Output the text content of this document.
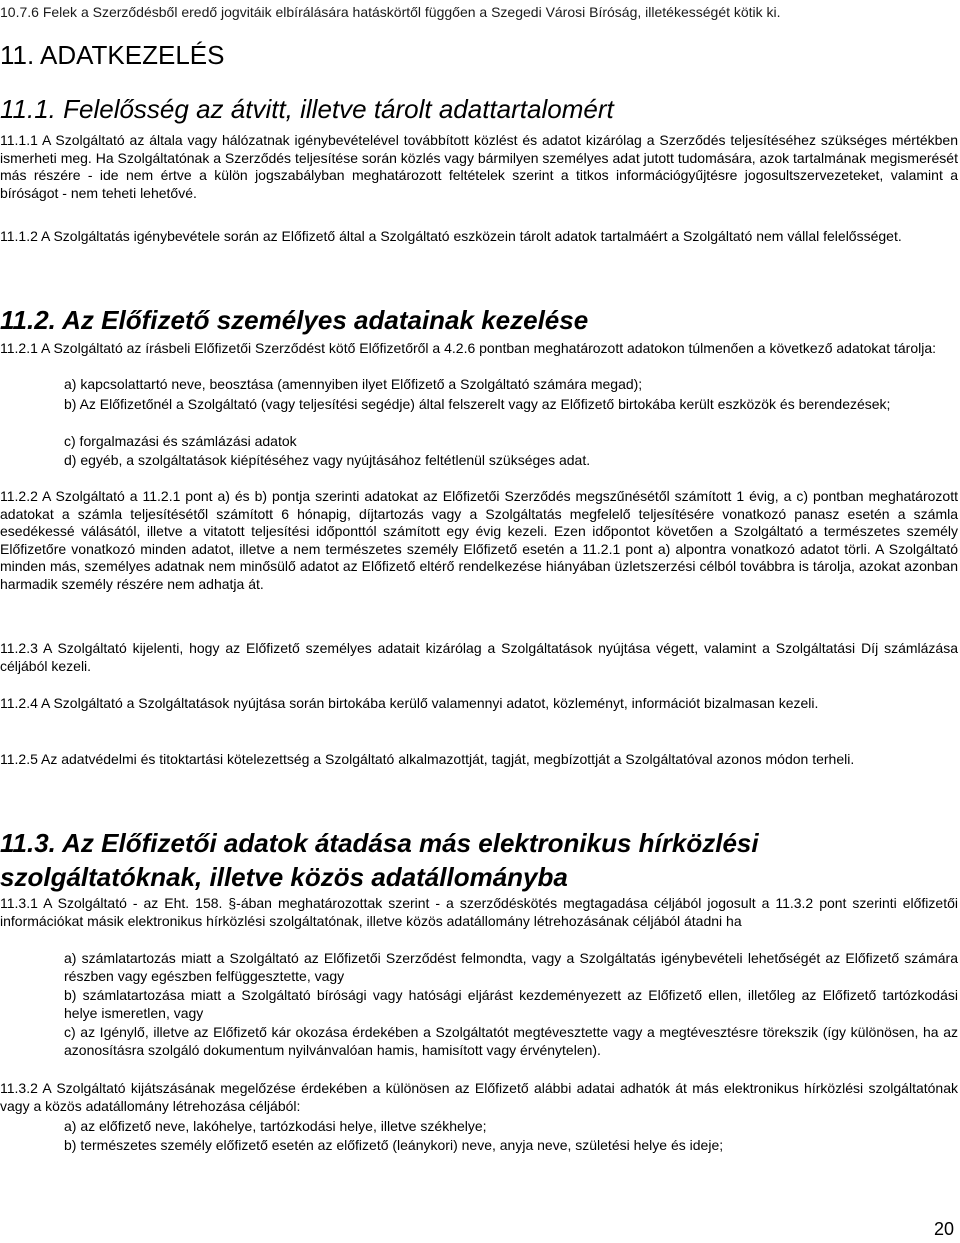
10.7.6 Felek a Szerződésből eredő jogvitáik elbírálására hatáskörtől függően a Szegedi Városi Bíróság, illetékességét kötik ki.
11. ADATKEZELÉS
11.1. Felelősség az átvitt, illetve tárolt adattartalomért
11.1.1 A Szolgáltató az általa vagy hálózatnak igénybevételével továbbított közlést és adatot kizárólag a Szerződés teljesítéséhez szükséges mértékben ismerheti meg. Ha Szolgáltatónak a Szerződés teljesítése során közlés vagy bármilyen személyes adat jutott tudomására, azok tartalmának megismerését más részére - ide nem értve a külön jogszabályban meghatározott feltételek szerint a titkos információgyűjtésre jogosultszervezeteket, valamint a bíróságot - nem teheti lehetővé.
11.1.2 A Szolgáltatás igénybevétele során az Előfizető által a Szolgáltató eszközein tárolt adatok tartalmáért a Szolgáltató nem vállal felelősséget.
11.2. Az Előfizető személyes adatainak kezelése
11.2.1 A Szolgáltató az írásbeli Előfizetői Szerződést kötő Előfizetőről a 4.2.6 pontban meghatározott adatokon túlmenően a következő adatokat tárolja:
a) kapcsolattartó neve, beosztása (amennyiben ilyet Előfizető a Szolgáltató számára megad);
b) Az Előfizetőnél a Szolgáltató (vagy teljesítési segédje) által felszerelt vagy az Előfizető birtokába került eszközök és berendezések;
c) forgalmazási és számlázási adatok
d) egyéb, a szolgáltatások kiépítéséhez vagy nyújtásához feltétlenül szükséges adat.
11.2.2 A Szolgáltató a 11.2.1 pont a) és b) pontja szerinti adatokat az Előfizetői Szerződés megszűnésétől számított 1 évig, a c) pontban meghatározott adatokat a számla teljesítésétől számított 6 hónapig, díjtartozás vagy a Szolgáltatás megfelelő teljesítésére vonatkozó panasz esetén a számla esedékessé válásától, illetve a vitatott teljesítési időponttól számított egy évig kezeli. Ezen időpontot követően a Szolgáltató a természetes személy Előfizetőre vonatkozó minden adatot, illetve a nem természetes személy Előfizető esetén a 11.2.1 pont a) alpontra vonatkozó adatot törli. A Szolgáltató minden más, személyes adatnak nem minősülő adatot az Előfizető eltérő rendelkezése hiányában üzletszerzési célból továbbra is tárolja, azokat azonban harmadik személy részére nem adhatja át.
11.2.3 A Szolgáltató kijelenti, hogy az Előfizető személyes adatait kizárólag a Szolgáltatások nyújtása végett, valamint a Szolgáltatási Díj számlázása céljából kezeli.
11.2.4 A Szolgáltató a Szolgáltatások nyújtása során birtokába kerülő valamennyi adatot, közleményt, információt bizalmasan kezeli.
11.2.5 Az adatvédelmi és titoktartási kötelezettség a Szolgáltató alkalmazottját, tagját, megbízottját a Szolgáltatóval azonos módon terheli.
11.3. Az Előfizetői adatok átadása más elektronikus hírközlési szolgáltatóknak, illetve közös adatállományba
11.3.1 A Szolgáltató - az Eht. 158. §-ában meghatározottak szerint - a szerződéskötés megtagadása céljából jogosult a 11.3.2 pont szerinti előfizetői információkat másik elektronikus hírközlési szolgáltatónak, illetve közös adatállomány létrehozásának céljából átadni ha
a) számlatartozás miatt a Szolgáltató az Előfizetői Szerződést felmondta, vagy a Szolgáltatás igénybevételi lehetőségét az Előfizető számára részben vagy egészben felfüggesztette, vagy
b) számlatartozása miatt a Szolgáltató bírósági vagy hatósági eljárást kezdeményezett az Előfizető ellen, illetőleg az Előfizető tartózkodási helye ismeretlen, vagy
c) az Igénylő, illetve az Előfizető kár okozása érdekében a Szolgáltatót megtévesztette vagy a megtévesztésre törekszik (így különösen, ha az azonosításra szolgáló dokumentum nyilvánvalóan hamis, hamisított vagy érvénytelen).
11.3.2 A Szolgáltató kijátszásának megelőzése érdekében a különösen az Előfizető alábbi adatai adhatók át más elektronikus hírközlési szolgáltatónak vagy a közös adatállomány létrehozása céljából:
a) az előfizető neve, lakóhelye, tartózkodási helye, illetve székhelye;
b) természetes személy előfizető esetén az előfizető (leánykori) neve, anyja neve, születési helye és ideje;
20
